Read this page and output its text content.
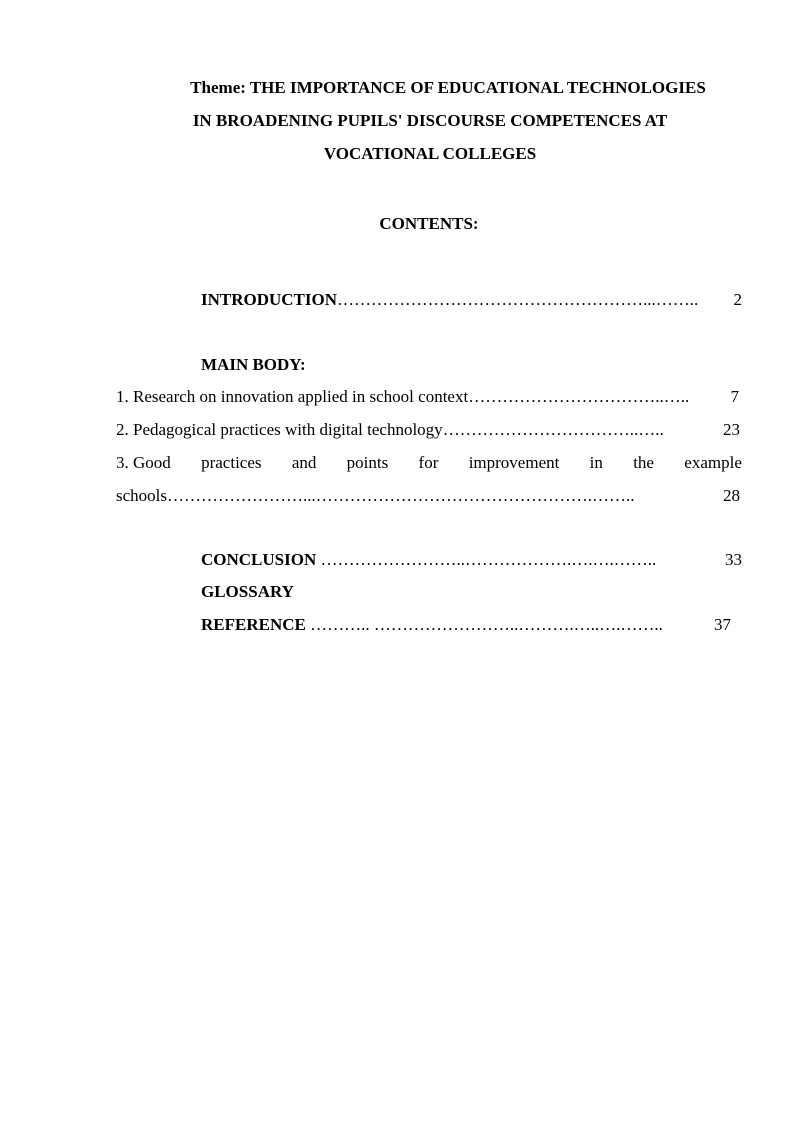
Theme: THE IMPORTANCE OF EDUCATIONAL TECHNOLOGIES
IN BROADENING PUPILS' DISCOURSE COMPETENCES AT
VOCATIONAL COLLEGES
CONTENTS:
INTRODUCTION ………………………………………………...……..	2
MAIN BODY:
1. Research on innovation applied in school context ……………………………..…..	7
2. Pedagogical practices with digital technology ……………………………..…..	23
3. Good practices and points for improvement in the example
schools ……………………...………………………………………….……..	28
CONCLUSION ……………………..……………….….….……..	33
GLOSSARY
REFERENCE ……….. ……………………..……….…..….……..	37
